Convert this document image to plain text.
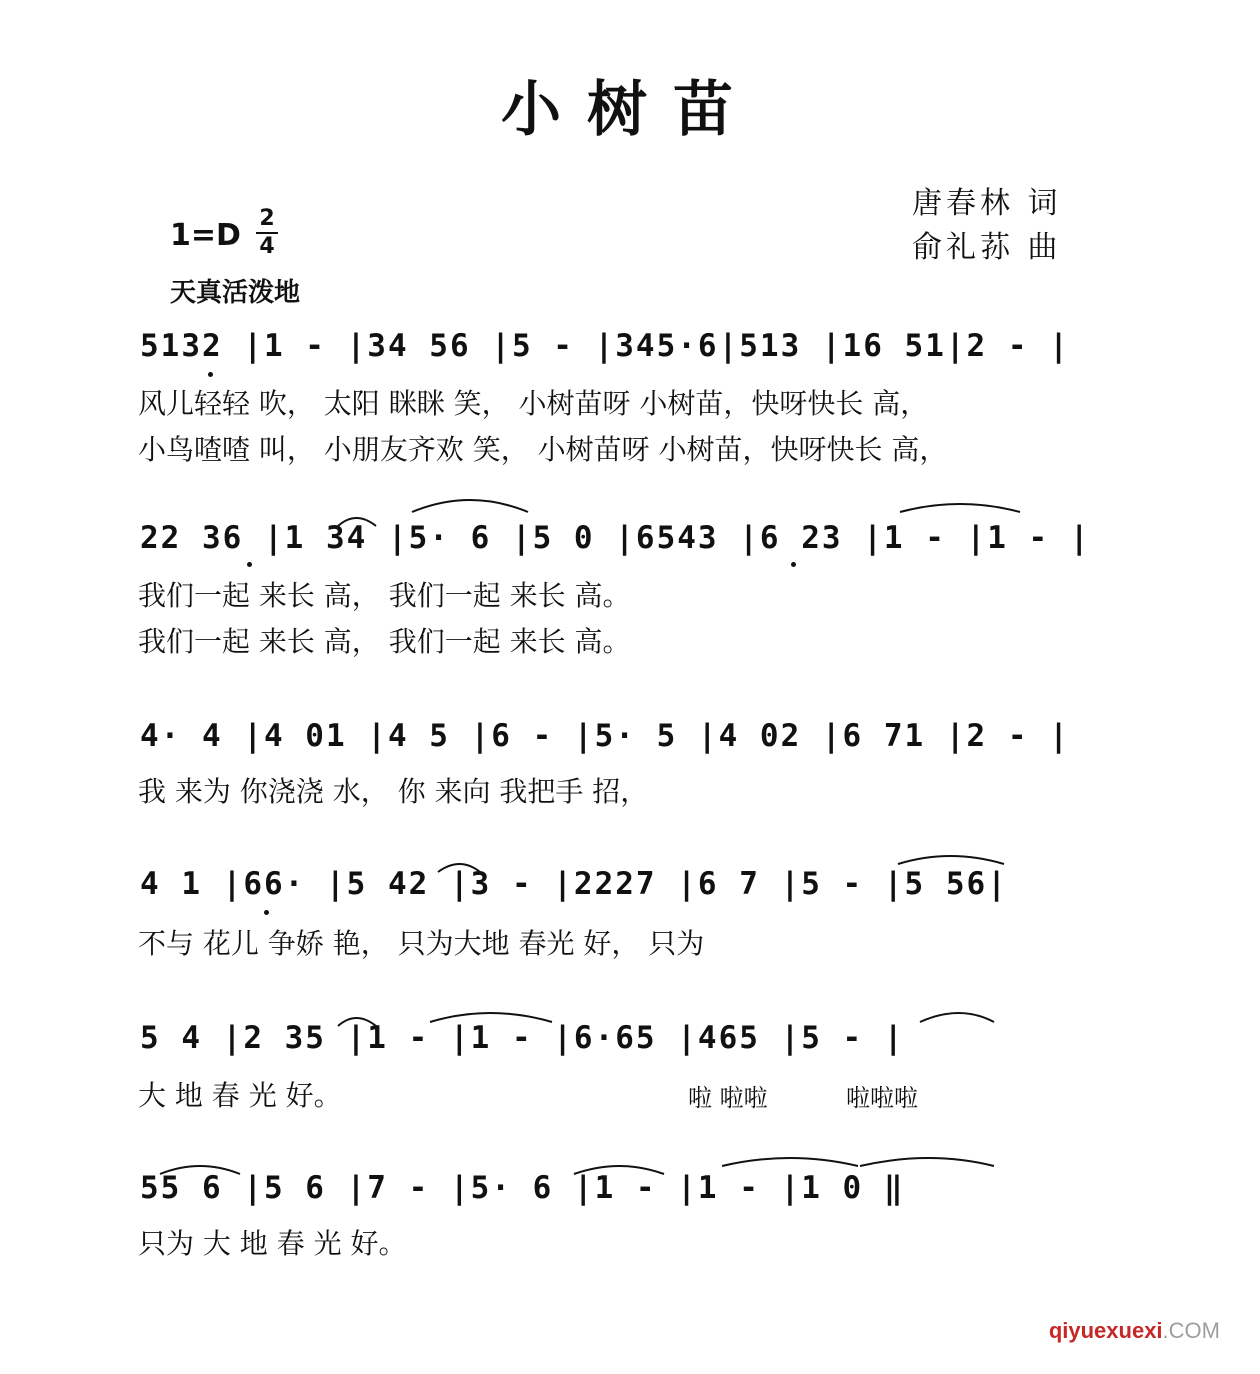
小树苗
唐春林 词
俞礼荪 曲
1=D 2
4
天真活泼地
5132 |1 - |34 56 |5 - |345·6|513 |16 51|2 - |
风儿轻轻 吹， 太阳 眯眯 笑， 小树苗呀 小树苗，快呀快长 高，
小鸟喳喳 叫， 小朋友齐欢 笑， 小树苗呀 小树苗，快呀快长 高，
22 36 |1 34 |5· 6 |5 0 |6543 |6 23 |1 - |1 - |
我们一起 来长 高， 我们一起 来长 高。
我们一起 来长 高， 我们一起 来长 高。
4· 4 |4 01 |4 5 |6 - |5· 5 |4 02 |6 71 |2 - |
我 来为 你浇浇 水， 你 来向 我把手 招，
4 1 |66· |5 42 |3 - |2227 |6 7 |5 - |5 56|
不与 花儿 争娇 艳， 只为大地 春光 好， 只为
5 4 |2 35 |1 - |1 - |6·65 |465 |5 - |
大 地 春 光 好。	啦 啦啦	啦啦啦
55 6 |5 6 |7 - |5· 6 |1 - |1 - |1 0 ‖
只为 大 地 春 光 好。
qiyuexuexi.COM
